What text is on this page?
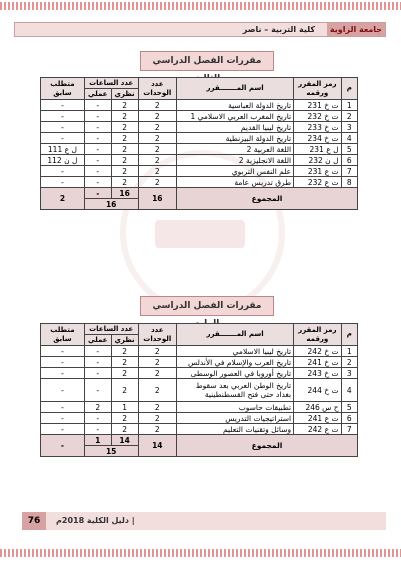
جامعة الزاوية
كلية التربية – ناصر
مقررات الفصل الدراسي
م	رمز المقرر ورقمه	اسم المـــــــقرر	عدد الوحدات	عدد الساعات		متطلب سابق
				نظري	عملي	
1	ت خ 231	تاريخ الدولة العباسية	2	2	-	-
2	ت خ 232	تاريخ المغرب العربي الاسلامي 1	2	2	-	-
3	ت خ 233	تاريخ ليبيا القديم	2	2	-	-
4	ت خ 234	تاريخ الدولة البيزنطية	2	2	-	-
5	ل ع 231	اللغة العربية 2	2	2	-	ل ع 111
6	ل ن 232	اللغة الانجليزية 2	2	2	-	ل ن 112
7	ت ع 231	علم النفس التربوي	2	2	-	-
8	ت ع 232	طرق تدريس عامة	2	2	-	-
المجموع			16	16	-	2
				16		
مقررات الفصل الدراسي
م	رمز المقرر ورقمه	اسم المـــــــقرر	عدد الوحدات	عدد الساعات		متطلب سابق
				نظري	عملي	
1	ت خ 242	تاريخ ليبيا الاسلامي	2	2	-	-
2	ت خ 241	تاريخ العرب والإسلام في الأندلس	2	2	-	-
3	ت خ 243	تاريخ أوروبا في العصور الوسطى	2	2	-	-
4	ت خ 244	تاريخ الوطن العربي بعد سقوط بغداد حتى فتح القسطنطينية	2	2	-	-
5	ح س 246	تطبيقات حاسوب	2	1	2	-
6	ت ع 241	استراتيجيات التدريس	2	2	-	-
7	ت ع 242	وسائل وتقنيات التعليم	2	2	-	-
المجموع			14	14	1	-
				15		
76	دليل الكلية 2018م |
